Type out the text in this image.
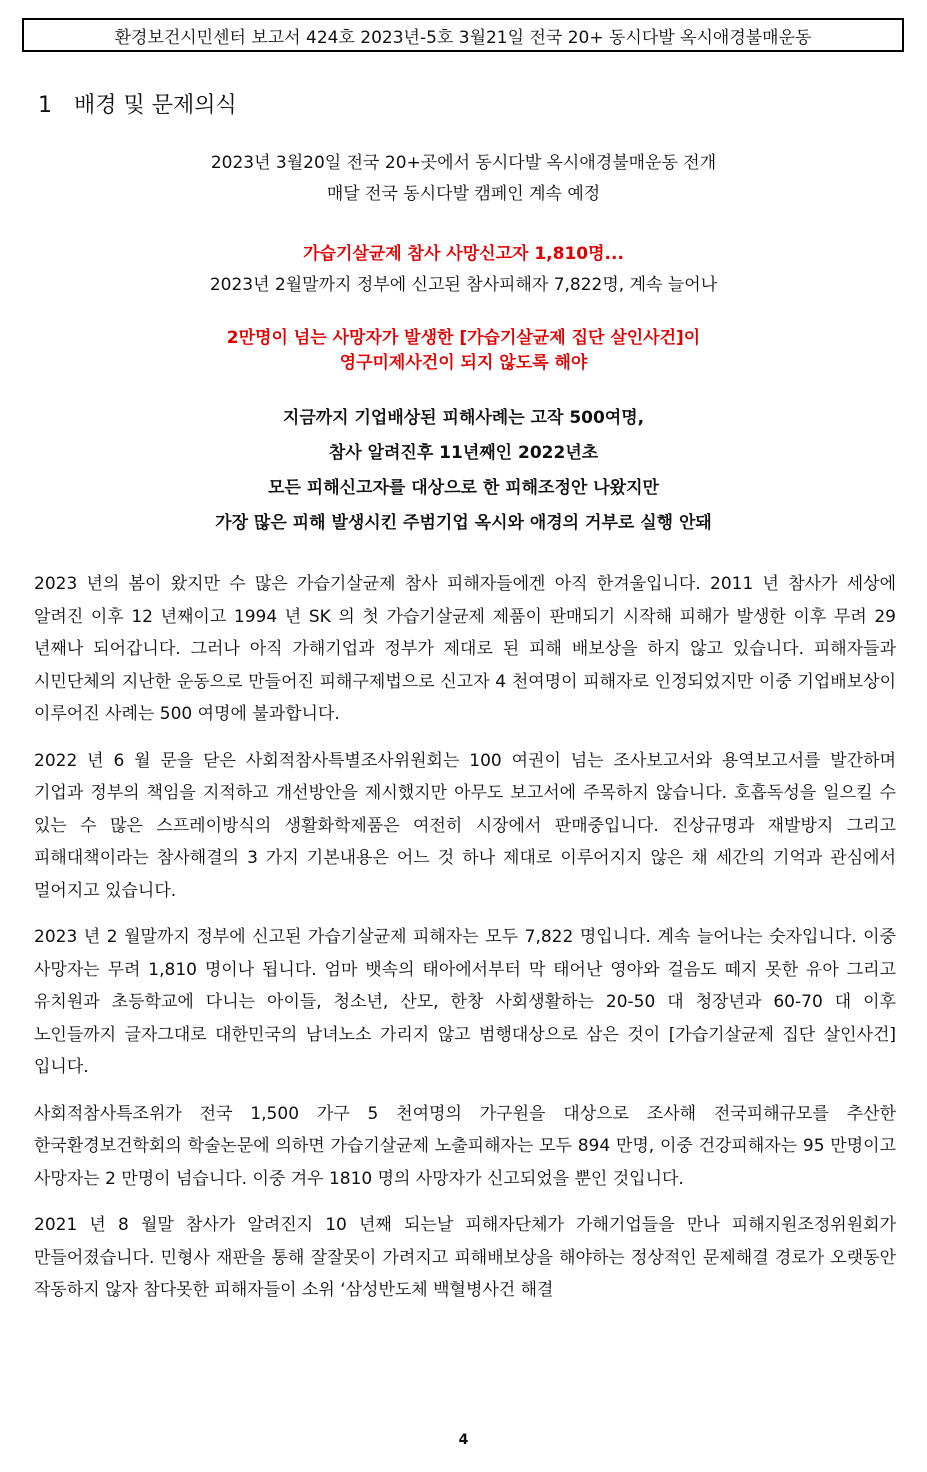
환경보건시민센터 보고서 424호 2023년-5호 3월21일 전국 20+ 동시다발 옥시애경불매운동
1 배경 및 문제의식
2023년 3월20일 전국 20+곳에서 동시다발 옥시애경불매운동 전개
매달 전국 동시다발 캠페인 계속 예정
가습기살균제 참사 사망신고자 1,810명...
2023년 2월말까지 정부에 신고된 참사피해자 7,822명, 계속 늘어나
2만명이 넘는 사망자가 발생한 [가습기살균제 집단 살인사건]이
영구미제사건이 되지 않도록 해야
지금까지 기업배상된 피해사례는 고작 500여명,
참사 알려진후 11년째인 2022년초
모든 피해신고자를 대상으로 한 피해조정안 나왔지만
가장 많은 피해 발생시킨 주범기업 옥시와 애경의 거부로 실행 안돼

2023 년의 봄이 왔지만 수 많은 가습기살균제 참사 피해자들에겐 아직 한겨울입니다. 2011 년 참사가 세상에 알려진 이후 12 년째이고 1994 년 SK 의 첫 가습기살균제 제품이 판매되기 시작해 피해가 발생한 이후 무려 29 년째나 되어갑니다. 그러나 아직 가해기업과 정부가 제대로 된 피해 배보상을 하지 않고 있습니다. 피해자들과 시민단체의 지난한 운동으로 만들어진 피해구제법으로 신고자 4 천여명이 피해자로 인정되었지만 이중 기업배보상이 이루어진 사례는 500 여명에 불과합니다.

2022 년 6 월 문을 닫은 사회적참사특별조사위원회는 100 여권이 넘는 조사보고서와 용역보고서를 발간하며 기업과 정부의 책임을 지적하고 개선방안을 제시했지만 아무도 보고서에 주목하지 않습니다. 호흡독성을 일으킬 수 있는 수 많은 스프레이방식의 생활화학제품은 여전히 시장에서 판매중입니다. 진상규명과 재발방지 그리고 피해대책이라는 참사해결의 3 가지 기본내용은 어느 것 하나 제대로 이루어지지 않은 채 세간의 기억과 관심에서 멀어지고 있습니다.

2023 년 2 월말까지 정부에 신고된 가습기살균제 피해자는 모두 7,822 명입니다. 계속 늘어나는 숫자입니다. 이중 사망자는 무려 1,810 명이나 됩니다. 엄마 뱃속의 태아에서부터 막 태어난 영아와 걸음도 떼지 못한 유아 그리고 유치원과 초등학교에 다니는 아이들, 청소년, 산모, 한창 사회생활하는 20-50 대 청장년과 60-70 대 이후 노인들까지 글자그대로 대한민국의 남녀노소 가리지 않고 범행대상으로 삼은 것이 [가습기살균제 집단 살인사건]입니다.

사회적참사특조위가 전국 1,500 가구 5 천여명의 가구원을 대상으로 조사해 전국피해규모를 추산한 한국환경보건학회의 학술논문에 의하면 가습기살균제 노출피해자는 모두 894 만명, 이중 건강피해자는 95 만명이고 사망자는 2 만명이 넘습니다. 이중 겨우 1810 명의 사망자가 신고되었을 뿐인 것입니다.

2021 년 8 월말 참사가 알려진지 10 년째 되는날 피해자단체가 가해기업들을 만나 피해지원조정위원회가 만들어졌습니다. 민형사 재판을 통해 잘잘못이 가려지고 피해배보상을 해야하는 정상적인 문제해결 경로가 오랫동안 작동하지 않자 참다못한 피해자들이 소위 ‘삼성반도체 백혈병사건 해결

4
